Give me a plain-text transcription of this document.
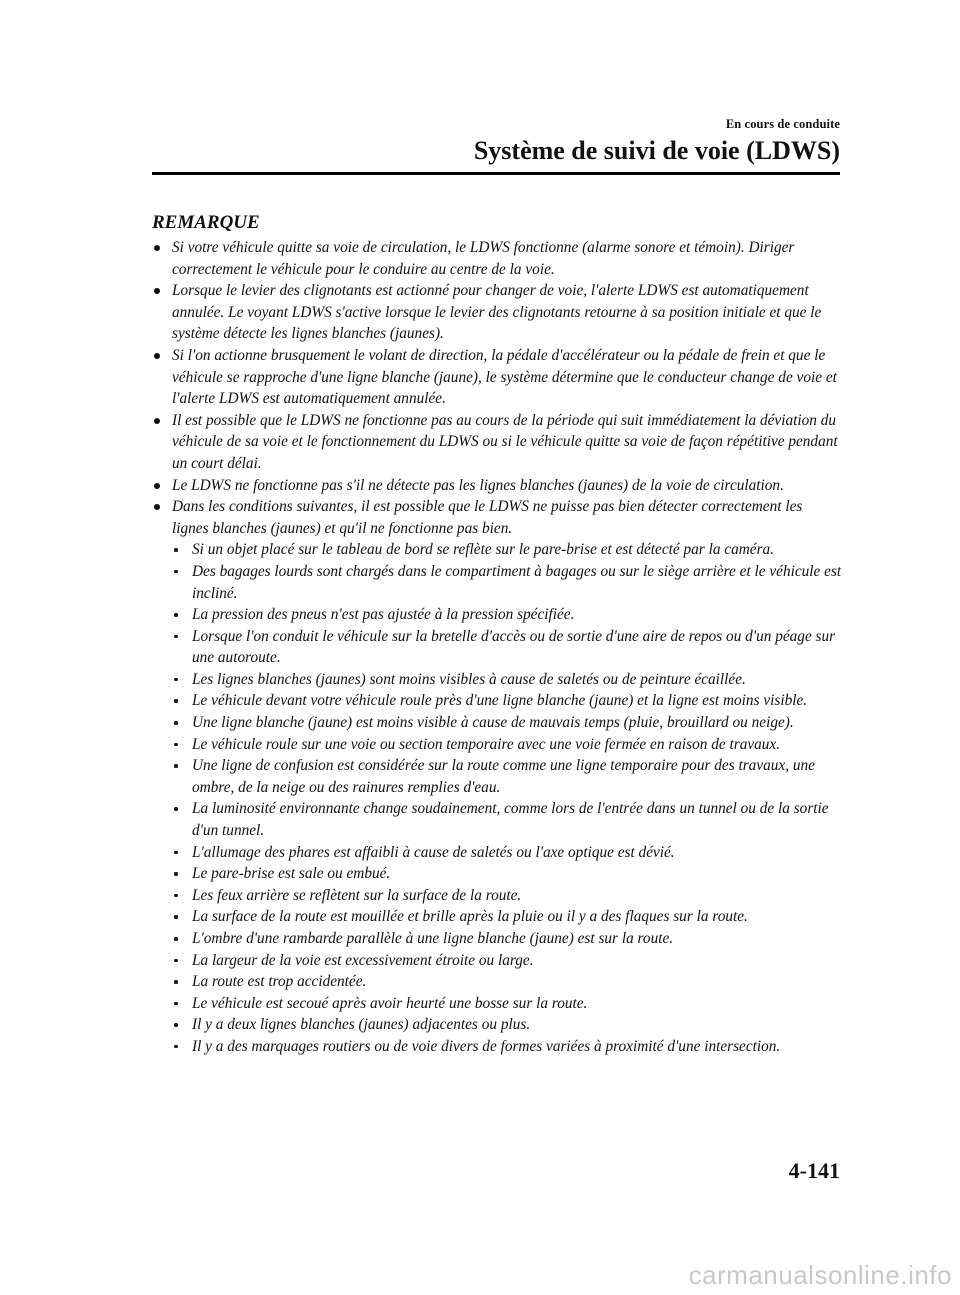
En cours de conduite
Système de suivi de voie (LDWS)
REMARQUE
Si votre véhicule quitte sa voie de circulation, le LDWS fonctionne (alarme sonore et témoin). Diriger correctement le véhicule pour le conduire au centre de la voie.
Lorsque le levier des clignotants est actionné pour changer de voie, l'alerte LDWS est automatiquement annulée. Le voyant LDWS s'active lorsque le levier des clignotants retourne à sa position initiale et que le système détecte les lignes blanches (jaunes).
Si l'on actionne brusquement le volant de direction, la pédale d'accélérateur ou la pédale de frein et que le véhicule se rapproche d'une ligne blanche (jaune), le système détermine que le conducteur change de voie et l'alerte LDWS est automatiquement annulée.
Il est possible que le LDWS ne fonctionne pas au cours de la période qui suit immédiatement la déviation du véhicule de sa voie et le fonctionnement du LDWS ou si le véhicule quitte sa voie de façon répétitive pendant un court délai.
Le LDWS ne fonctionne pas s'il ne détecte pas les lignes blanches (jaunes) de la voie de circulation.
Dans les conditions suivantes, il est possible que le LDWS ne puisse pas bien détecter correctement les lignes blanches (jaunes) et qu'il ne fonctionne pas bien.
Si un objet placé sur le tableau de bord se reflète sur le pare-brise et est détecté par la caméra.
Des bagages lourds sont chargés dans le compartiment à bagages ou sur le siège arrière et le véhicule est incliné.
La pression des pneus n'est pas ajustée à la pression spécifiée.
Lorsque l'on conduit le véhicule sur la bretelle d'accès ou de sortie d'une aire de repos ou d'un péage sur une autoroute.
Les lignes blanches (jaunes) sont moins visibles à cause de saletés ou de peinture écaillée.
Le véhicule devant votre véhicule roule près d'une ligne blanche (jaune) et la ligne est moins visible.
Une ligne blanche (jaune) est moins visible à cause de mauvais temps (pluie, brouillard ou neige).
Le véhicule roule sur une voie ou section temporaire avec une voie fermée en raison de travaux.
Une ligne de confusion est considérée sur la route comme une ligne temporaire pour des travaux, une ombre, de la neige ou des rainures remplies d'eau.
La luminosité environnante change soudainement, comme lors de l'entrée dans un tunnel ou de la sortie d'un tunnel.
L'allumage des phares est affaibli à cause de saletés ou l'axe optique est dévié.
Le pare-brise est sale ou embué.
Les feux arrière se reflètent sur la surface de la route.
La surface de la route est mouillée et brille après la pluie ou il y a des flaques sur la route.
L'ombre d'une rambarde parallèle à une ligne blanche (jaune) est sur la route.
La largeur de la voie est excessivement étroite ou large.
La route est trop accidentée.
Le véhicule est secoué après avoir heurté une bosse sur la route.
Il y a deux lignes blanches (jaunes) adjacentes ou plus.
Il y a des marquages routiers ou de voie divers de formes variées à proximité d'une intersection.
4-141
carmanualsonline.info
